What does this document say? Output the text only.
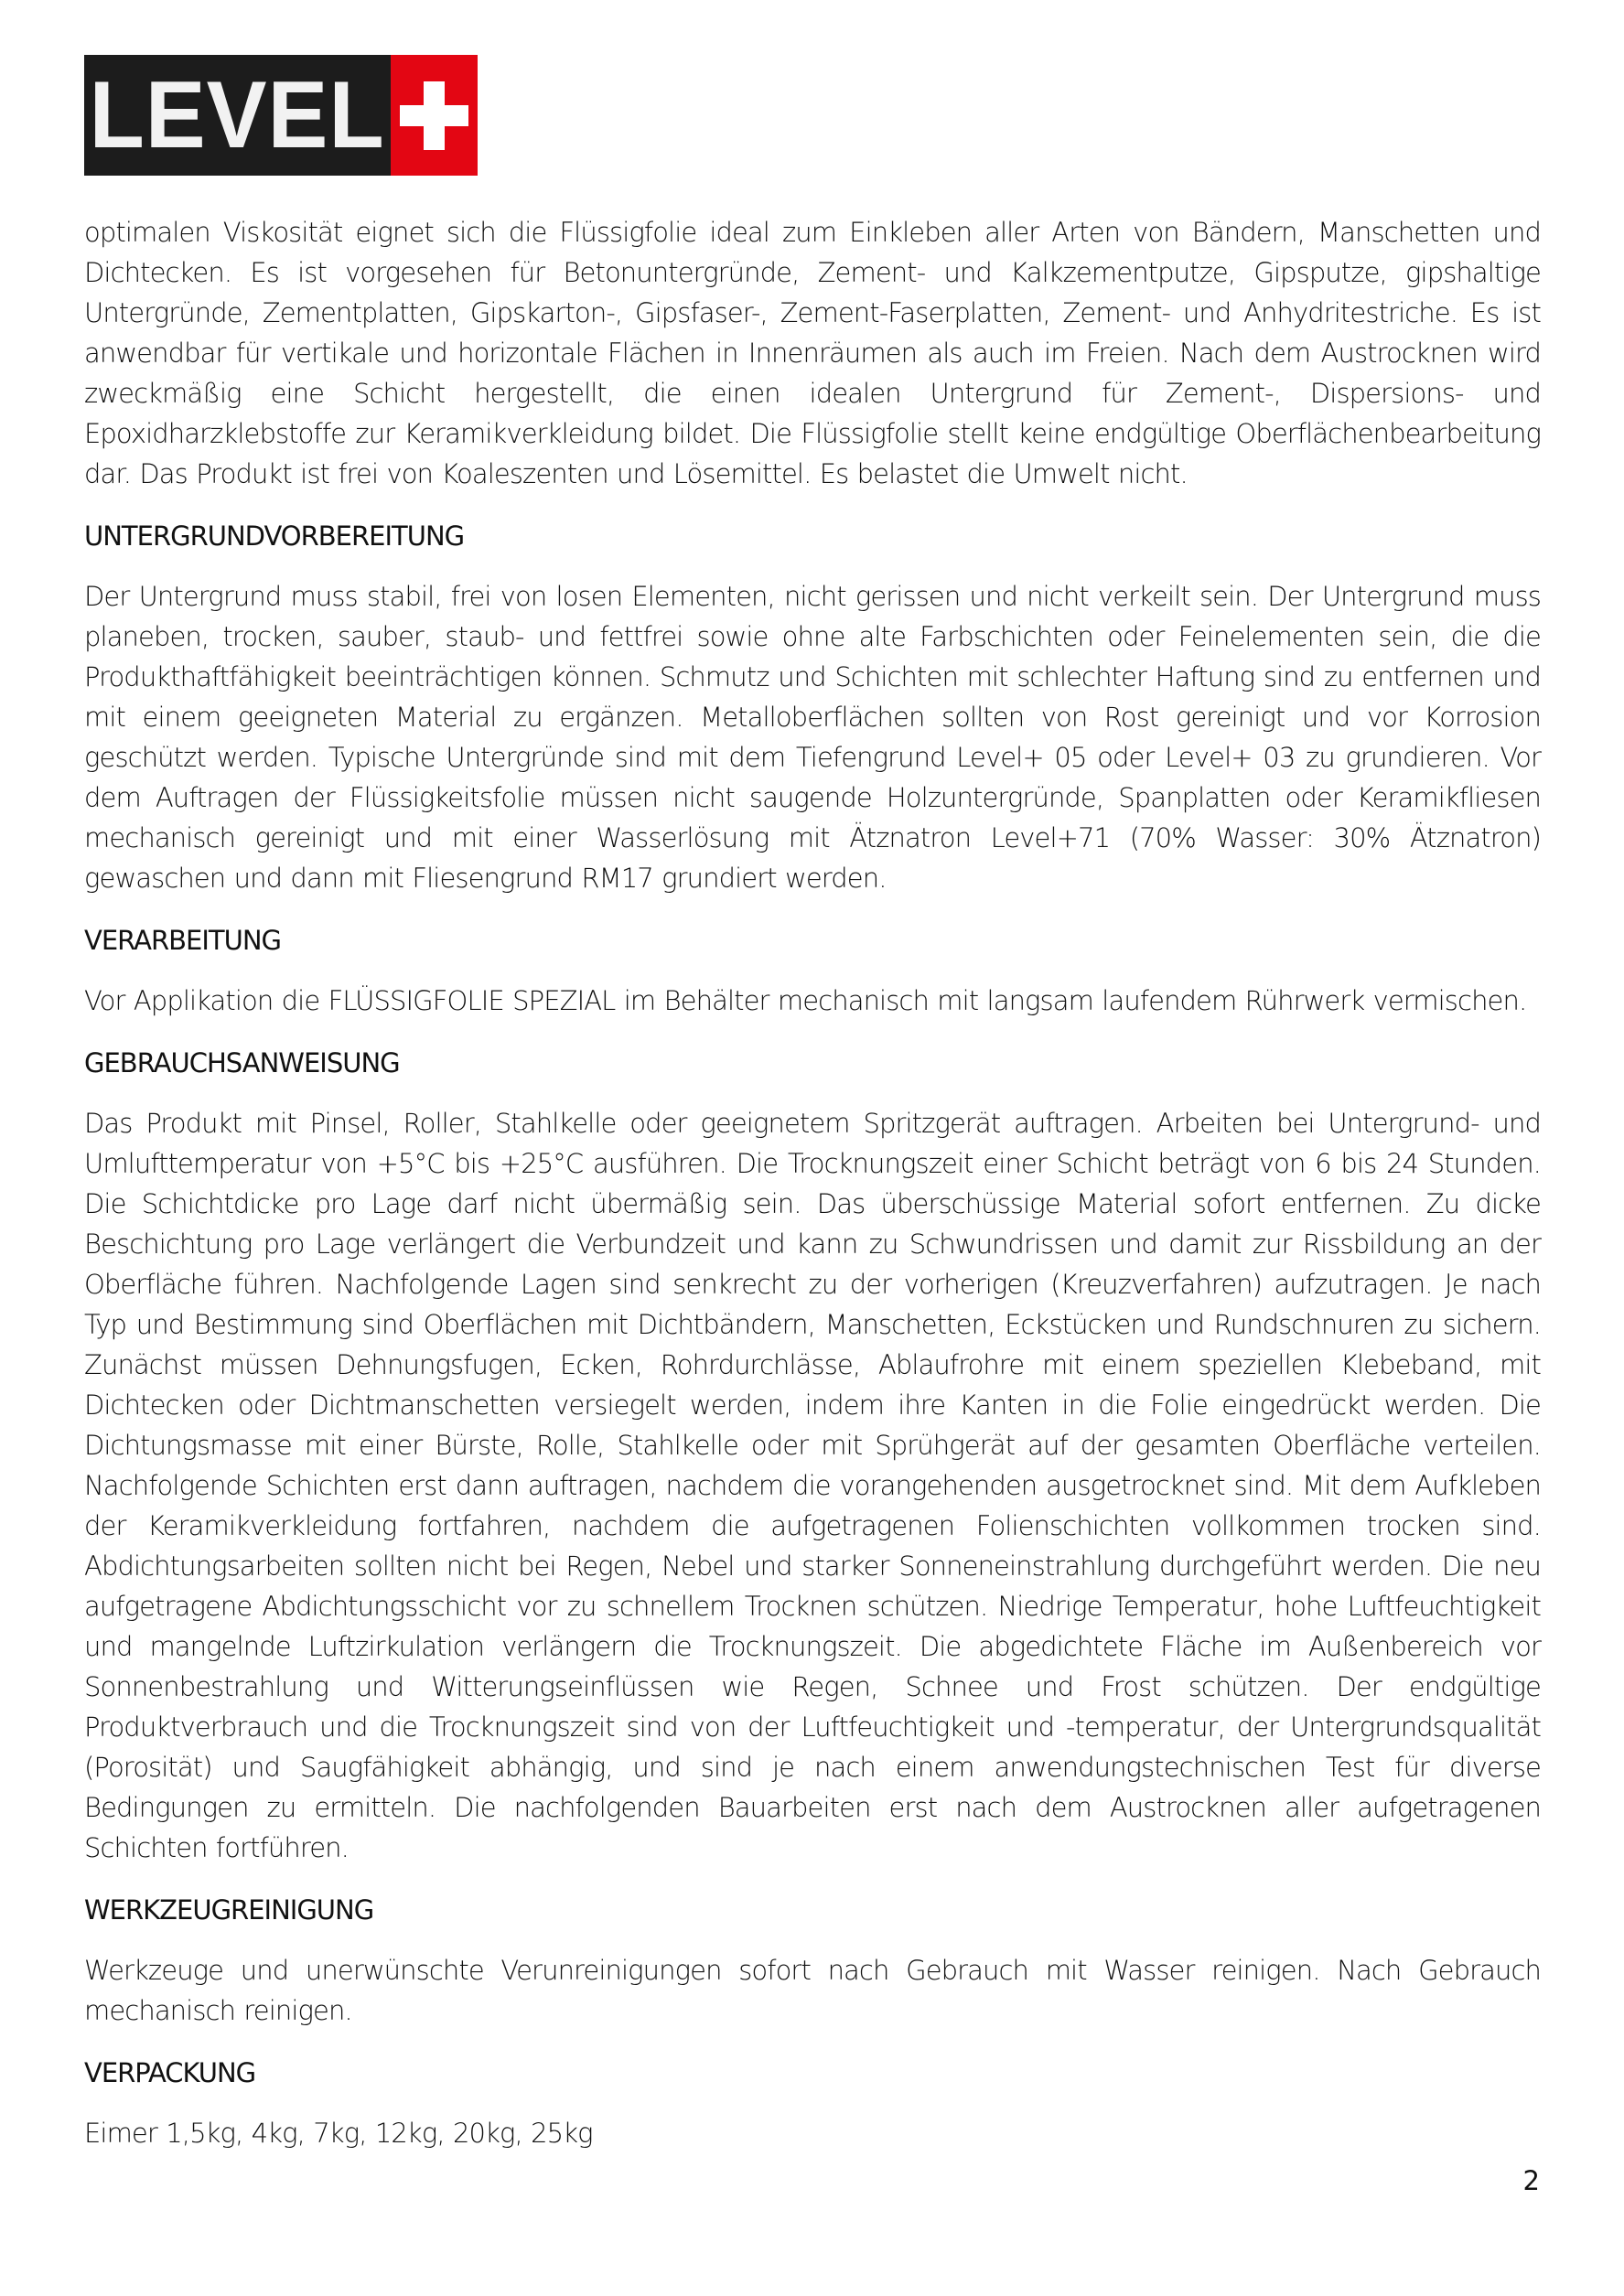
LEVEL

optimalen Viskosität eignet sich die Flüssigfolie ideal zum Einkleben aller Arten von Bändern, Manschetten und Dichtecken. Es ist vorgesehen für Betonuntergründe, Zement- und Kalkzementputze, Gipsputze, gipshaltige Untergründe, Zementplatten, Gipskarton-, Gipsfaser-, Zement-Faserplatten, Zement- und Anhydritestriche. Es ist anwendbar für vertikale und horizontale Flächen in Innenräumen als auch im Freien. Nach dem Austrocknen wird zweckmäßig eine Schicht hergestellt, die einen idealen Untergrund für Zement-, Dispersions- und Epoxidharzklebstoffe zur Keramikverkleidung bildet. Die Flüssigfolie stellt keine endgültige Oberflächenbearbeitung dar. Das Produkt ist frei von Koaleszenten und Lösemittel. Es belastet die Umwelt nicht.

UNTERGRUNDVORBEREITUNG

Der Untergrund muss stabil, frei von losen Elementen, nicht gerissen und nicht verkeilt sein. Der Untergrund muss planeben, trocken, sauber, staub- und fettfrei sowie ohne alte Farbschichten oder Feinelementen sein, die die Produkthaftfähigkeit beeinträchtigen können. Schmutz und Schichten mit schlechter Haftung sind zu entfernen und mit einem geeigneten Material zu ergänzen. Metalloberflächen sollten von Rost gereinigt und vor Korrosion geschützt werden. Typische Untergründe sind mit dem Tiefengrund Level+ 05 oder Level+ 03 zu grundieren. Vor dem Auftragen der Flüssigkeitsfolie müssen nicht saugende Holzuntergründe, Spanplatten oder Keramikfliesen mechanisch gereinigt und mit einer Wasserlösung mit Ätznatron Level+71 (70% Wasser: 30% Ätznatron) gewaschen und dann mit Fliesengrund RM17 grundiert werden.

VERARBEITUNG

Vor Applikation die FLÜSSIGFOLIE SPEZIAL im Behälter mechanisch mit langsam laufendem Rührwerk vermischen.

GEBRAUCHSANWEISUNG

Das Produkt mit Pinsel, Roller, Stahlkelle oder geeignetem Spritzgerät auftragen. Arbeiten bei Untergrund- und Umlufttemperatur von +5°C bis +25°C ausführen. Die Trocknungszeit einer Schicht beträgt von 6 bis 24 Stunden. Die Schichtdicke pro Lage darf nicht übermäßig sein. Das überschüssige Material sofort entfernen. Zu dicke Beschichtung pro Lage verlängert die Verbundzeit und kann zu Schwundrissen und damit zur Rissbildung an der Oberfläche führen. Nachfolgende Lagen sind senkrecht zu der vorherigen (Kreuzverfahren) aufzutragen. Je nach Typ und Bestimmung sind Oberflächen mit Dichtbändern, Manschetten, Eckstücken und Rundschnuren zu sichern. Zunächst müssen Dehnungsfugen, Ecken, Rohrdurchlässe, Ablaufrohre mit einem speziellen Klebeband, mit Dichtecken oder Dichtmanschetten versiegelt werden, indem ihre Kanten in die Folie eingedrückt werden. Die Dichtungsmasse mit einer Bürste, Rolle, Stahlkelle oder mit Sprühgerät auf der gesamten Oberfläche verteilen. Nachfolgende Schichten erst dann auftragen, nachdem die vorangehenden ausgetrocknet sind. Mit dem Aufkleben der Keramikverkleidung fortfahren, nachdem die aufgetragenen Folienschichten vollkommen trocken sind. Abdichtungsarbeiten sollten nicht bei Regen, Nebel und starker Sonneneinstrahlung durchgeführt werden. Die neu aufgetragene Abdichtungsschicht vor zu schnellem Trocknen schützen. Niedrige Temperatur, hohe Luftfeuchtigkeit und mangelnde Luftzirkulation verlängern die Trocknungszeit. Die abgedichtete Fläche im Außenbereich vor Sonnenbestrahlung und Witterungseinflüssen wie Regen, Schnee und Frost schützen. Der endgültige Produktverbrauch und die Trocknungszeit sind von der Luftfeuchtigkeit und -temperatur, der Untergrundsqualität (Porosität) und Saugfähigkeit abhängig, und sind je nach einem anwendungstechnischen Test für diverse Bedingungen zu ermitteln. Die nachfolgenden Bauarbeiten erst nach dem Austrocknen aller aufgetragenen Schichten fortführen.

WERKZEUGREINIGUNG

Werkzeuge und unerwünschte Verunreinigungen sofort nach Gebrauch mit Wasser reinigen. Nach Gebrauch mechanisch reinigen.

VERPACKUNG

Eimer 1,5kg, 4kg, 7kg, 12kg, 20kg, 25kg

2
